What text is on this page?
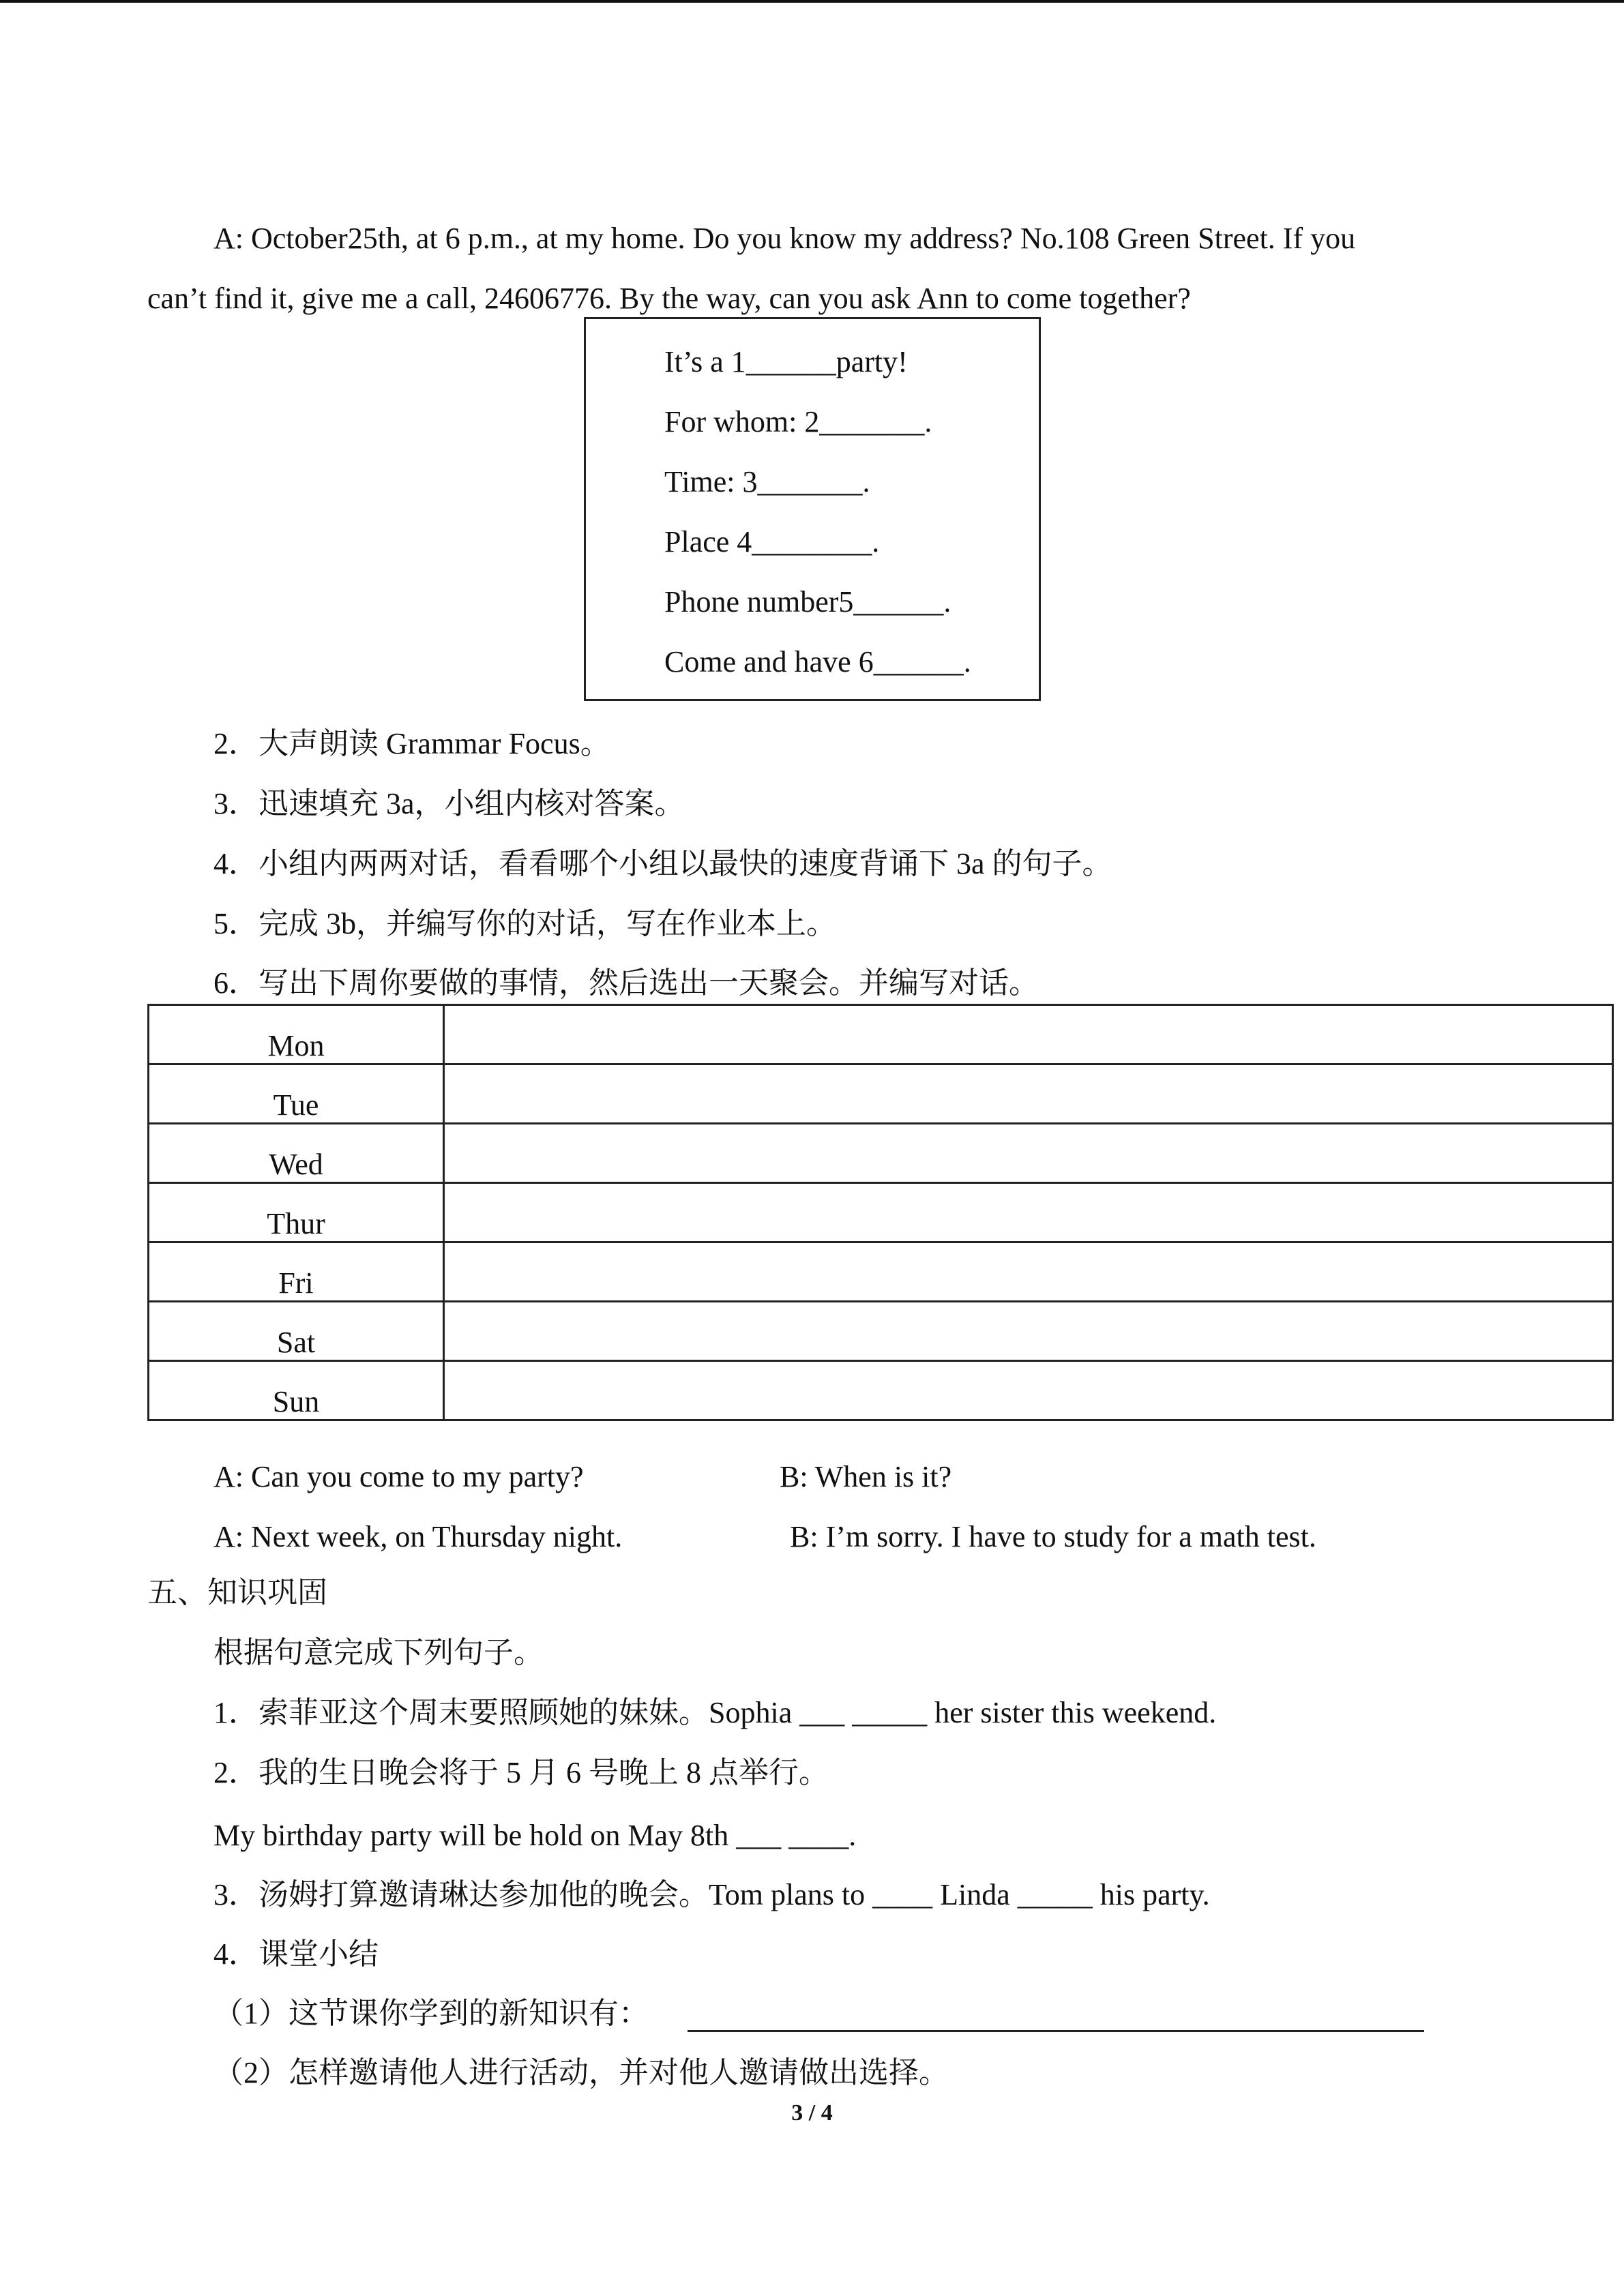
A: October25th, at 6 p.m., at my home. Do you know my address? No.108 Green Street. If you
can’t find it, give me a call, 24606776. By the way, can you ask Ann to come together?
It’s a 1______party!
For whom: 2_______.
Time: 3_______.
Place 4________.
Phone number5______.
Come and have 6______.
2．大声朗读 Grammar Focus。
3．迅速填充 3a，小组内核对答案。
4．小组内两两对话，看看哪个小组以最快的速度背诵下 3a 的句子。
5．完成 3b，并编写你的对话，写在作业本上。
6．写出下周你要做的事情，然后选出一天聚会。并编写对话。
Mon	
Tue	
Wed	
Thur	
Fri	
Sat	
Sun	
A: Can you come to my party?	B: When is it?
A: Next week, on Thursday night.	B: I’m sorry. I have to study for a math test.
五、知识巩固
根据句意完成下列句子。
1．索菲亚这个周末要照顾她的妹妹。Sophia ___ _____ her sister this weekend.
2．我的生日晚会将于 5 月 6 号晚上 8 点举行。
My birthday party will be hold on May 8th ___ ____.
3．汤姆打算邀请琳达参加他的晚会。Tom plans to ____ Linda _____ his party.
4．课堂小结
（1）这节课你学到的新知识有：
（2）怎样邀请他人进行活动，并对他人邀请做出选择。
3 / 4
